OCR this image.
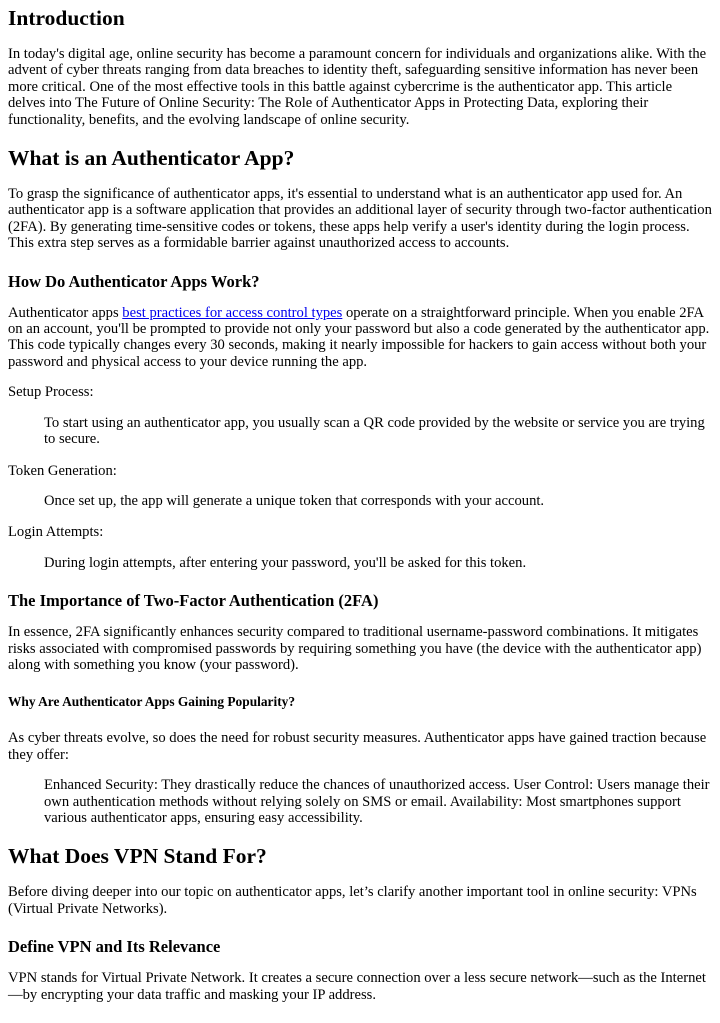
Introduction

In today's digital age, online security has become a paramount concern for individuals and organizations alike. With the advent of cyber threats ranging from data breaches to identity theft, safeguarding sensitive information has never been more critical. One of the most effective tools in this battle against cybercrime is the authenticator app. This article delves into The Future of Online Security: The Role of Authenticator Apps in Protecting Data, exploring their functionality, benefits, and the evolving landscape of online security.

What is an Authenticator App?

To grasp the significance of authenticator apps, it's essential to understand what is an authenticator app used for. An authenticator app is a software application that provides an additional layer of security through two-factor authentication (2FA). By generating time-sensitive codes or tokens, these apps help verify a user's identity during the login process. This extra step serves as a formidable barrier against unauthorized access to accounts.

How Do Authenticator Apps Work?

Authenticator apps best practices for access control types operate on a straightforward principle. When you enable 2FA on an account, you'll be prompted to provide not only your password but also a code generated by the authenticator app. This code typically changes every 30 seconds, making it nearly impossible for hackers to gain access without both your password and physical access to your device running the app.

Setup Process:
To start using an authenticator app, you usually scan a QR code provided by the website or service you are trying to secure.
Token Generation:
Once set up, the app will generate a unique token that corresponds with your account.
Login Attempts:
During login attempts, after entering your password, you'll be asked for this token.
The Importance of Two-Factor Authentication (2FA)

In essence, 2FA significantly enhances security compared to traditional username-password combinations. It mitigates risks associated with compromised passwords by requiring something you have (the device with the authenticator app) along with something you know (your password).

Why Are Authenticator Apps Gaining Popularity?

As cyber threats evolve, so does the need for robust security measures. Authenticator apps have gained traction because they offer:

Enhanced Security: They drastically reduce the chances of unauthorized access. User Control: Users manage their own authentication methods without relying solely on SMS or email. Availability: Most smartphones support various authenticator apps, ensuring easy accessibility.
What Does VPN Stand For?

Before diving deeper into our topic on authenticator apps, let’s clarify another important tool in online security: VPNs (Virtual Private Networks).

Define VPN and Its Relevance

VPN stands for Virtual Private Network. It creates a secure connection over a less secure network—such as the Internet—by encrypting your data traffic and masking your IP address.
